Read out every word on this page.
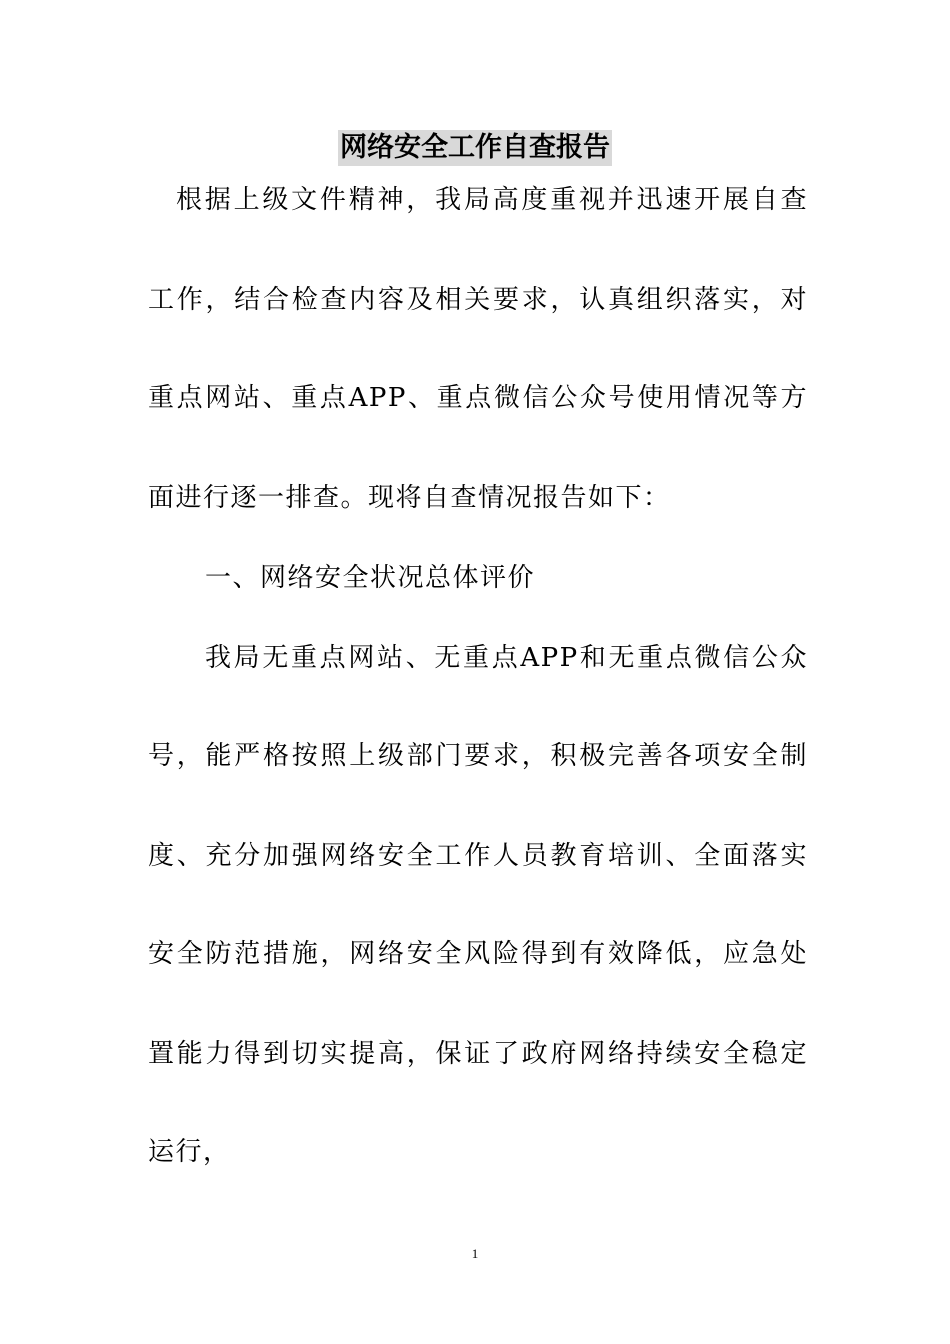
网络安全工作自查报告
根据上级文件精神，我局高度重视并迅速开展自查
工作，结合检查内容及相关要求，认真组织落实，对
重点网站、重点APP、重点微信公众号使用情况等方
面进行逐一排查。现将自查情况报告如下：
一、网络安全状况总体评价
我局无重点网站、无重点APP和无重点微信公众
号，能严格按照上级部门要求，积极完善各项安全制
度、充分加强网络安全工作人员教育培训、全面落实
安全防范措施，网络安全风险得到有效降低，应急处
置能力得到切实提高，保证了政府网络持续安全稳定
运行，
1
